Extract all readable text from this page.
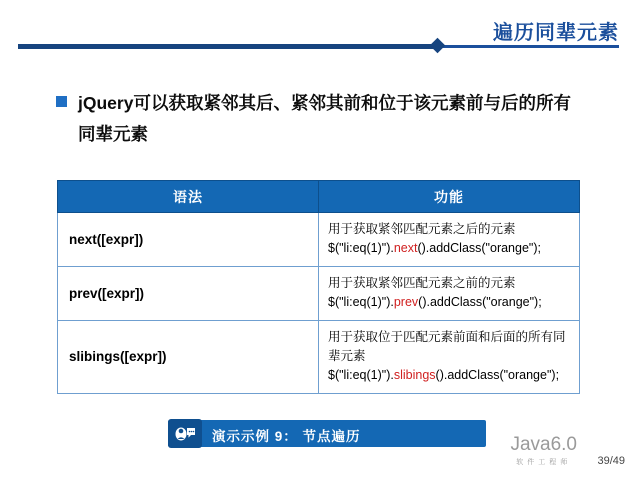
遍历同辈元素
jQuery可以获取紧邻其后、紧邻其前和位于该元素前与后的所有同辈元素
语法	功能
next([expr])	用于获取紧邻匹配元素之后的元素
$("li:eq(1)").next().addClass("orange");

prev([expr])	用于获取紧邻匹配元素之前的元素
$("li:eq(1)").prev().addClass("orange");

slibings([expr])	用于获取位于匹配元素前面和后面的所有同辈元素
$("li:eq(1)").slibings().addClass("orange");
演示示例 9： 节点遍历	Java6.0
软件工程师	39/49
